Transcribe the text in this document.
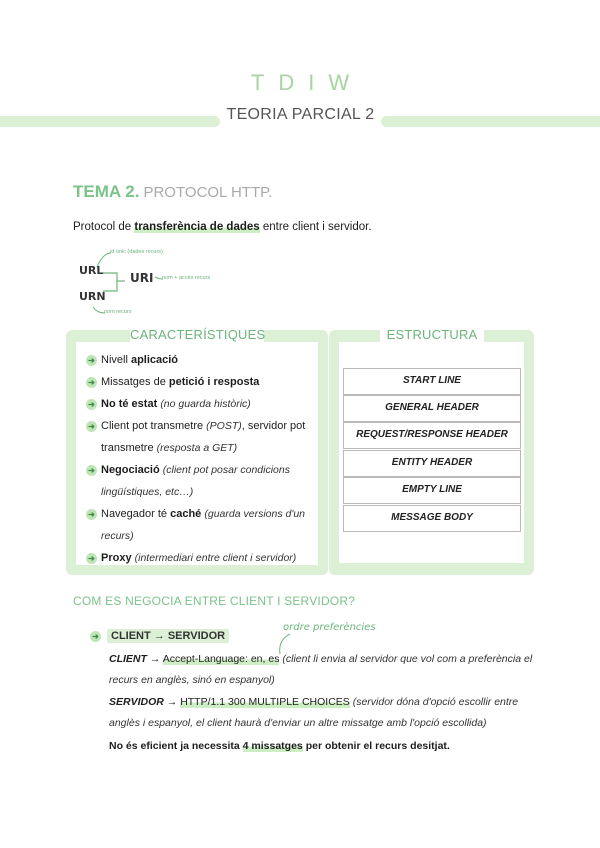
TDIW
TEORIA PARCIAL 2
TEMA 2. PROTOCOL HTTP.
Protocol de transferència de dades entre client i servidor.
URL
URN
URI
id únic (dades recurs)
nom + accés recurs
nom recurs
CARACTERÍSTIQUES
➜ Nivell aplicació
➜ Missatges de petició i resposta
➜ No té estat (no guarda històric)
➜ Client pot transmetre (POST), servidor pot transmetre (resposta a GET)
➜ Negociació (client pot posar condicions lingüístiques, etc…)
➜ Navegador té caché (guarda versions d'un recurs)
➜ Proxy (intermediari entre client i servidor)
ESTRUCTURA
START LINE
GENERAL HEADER
REQUEST/RESPONSE HEADER
ENTITY HEADER
EMPTY LINE
MESSAGE BODY
COM ES NEGOCIA ENTRE CLIENT I SERVIDOR?
➜ CLIENT → SERVIDOR
ordre preferències
CLIENT → Accept-Language: en, es (client li envia al servidor que vol com a preferència el recurs en anglès, sinó en espanyol)
SERVIDOR → HTTP/1.1 300 MULTIPLE CHOICES (servidor dóna d'opció escollir entre anglès i espanyol, el client haurà d'enviar un altre missatge amb l'opció escollida)
No és eficient ja necessita 4 missatges per obtenir el recurs desitjat.
